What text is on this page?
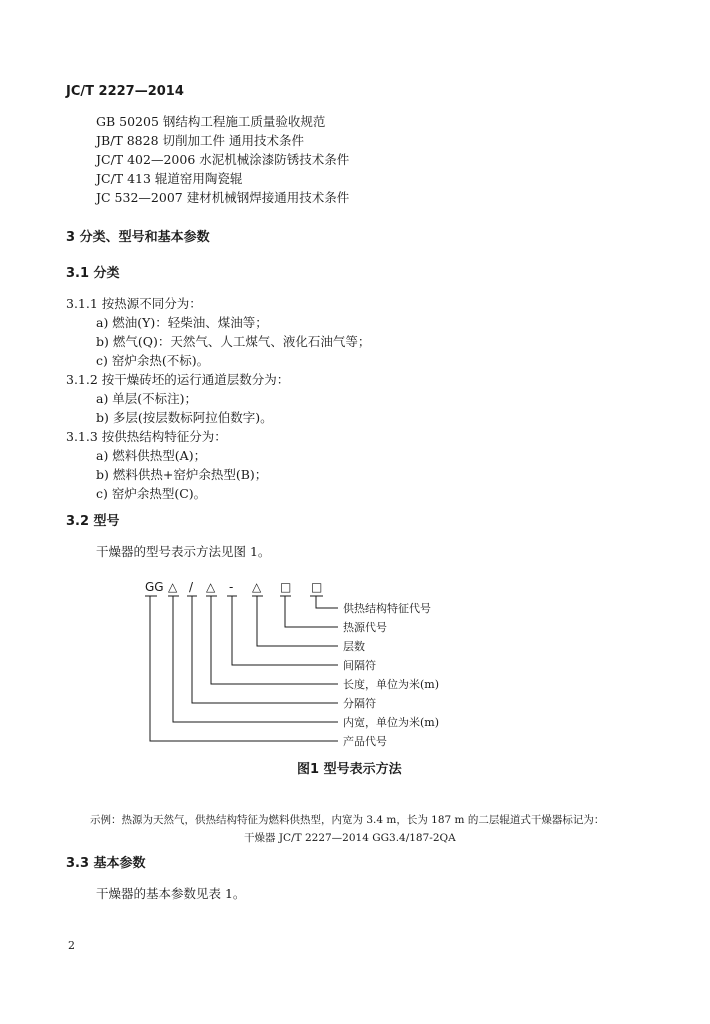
JC/T 2227—2014
GB 50205 钢结构工程施工质量验收规范
JB/T 8828 切削加工件 通用技术条件
JC/T 402—2006 水泥机械涂漆防锈技术条件
JC/T 413 辊道窑用陶瓷辊
JC 532—2007 建材机械钢焊接通用技术条件
3 分类、型号和基本参数
3.1 分类
3.1.1 按热源不同分为：
a) 燃油(Y)：轻柴油、煤油等；
b) 燃气(Q)：天然气、人工煤气、液化石油气等；
c) 窑炉余热(不标)。
3.1.2 按干燥砖坯的运行通道层数分为：
a) 单层(不标注)；
b) 多层(按层数标阿拉伯数字)。
3.1.3 按供热结构特征分为：
a) 燃料供热型(A)；
b) 燃料供热+窑炉余热型(B)；
c) 窑炉余热型(C)。
3.2 型号
干燥器的型号表示方法见图 1。
GG △ / △ - △ □ □
供热结构特征代号
热源代号
层数
间隔符
长度，单位为米(m)
分隔符
内宽，单位为米(m)
产品代号
图1 型号表示方法
示例：热源为天然气，供热结构特征为燃料供热型，内宽为 3.4 m，长为 187 m 的二层辊道式干燥器标记为：
干燥器 JC/T 2227—2014 GG3.4/187-2QA
3.3 基本参数
干燥器的基本参数见表 1。
2
